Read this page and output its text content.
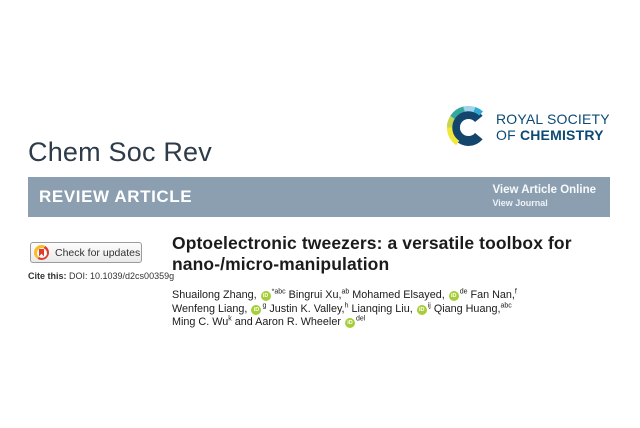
Chem Soc Rev
ROYAL SOCIETY
OF CHEMISTRY
REVIEW ARTICLE	View Article Online
View Journal
Check for updates
Cite this: DOI: 10.1039/d2cs00359g
Optoelectronic tweezers: a versatile toolbox for
nano-/micro-manipulation
Shuailong Zhang, $iD^{*abc}$ Bingrui Xu,$^{ab}$ Mohamed Elsayed, $iD^{de}$ Fan Nan,$^f$
Wenfeng Liang, $iD^g$ Justin K. Valley,$^h$ Lianqing Liu, $iD^{ij}$ Qiang Huang,$^{abc}$
Ming C. Wu$^k$ and Aaron R. Wheeler $iD^{del}$
